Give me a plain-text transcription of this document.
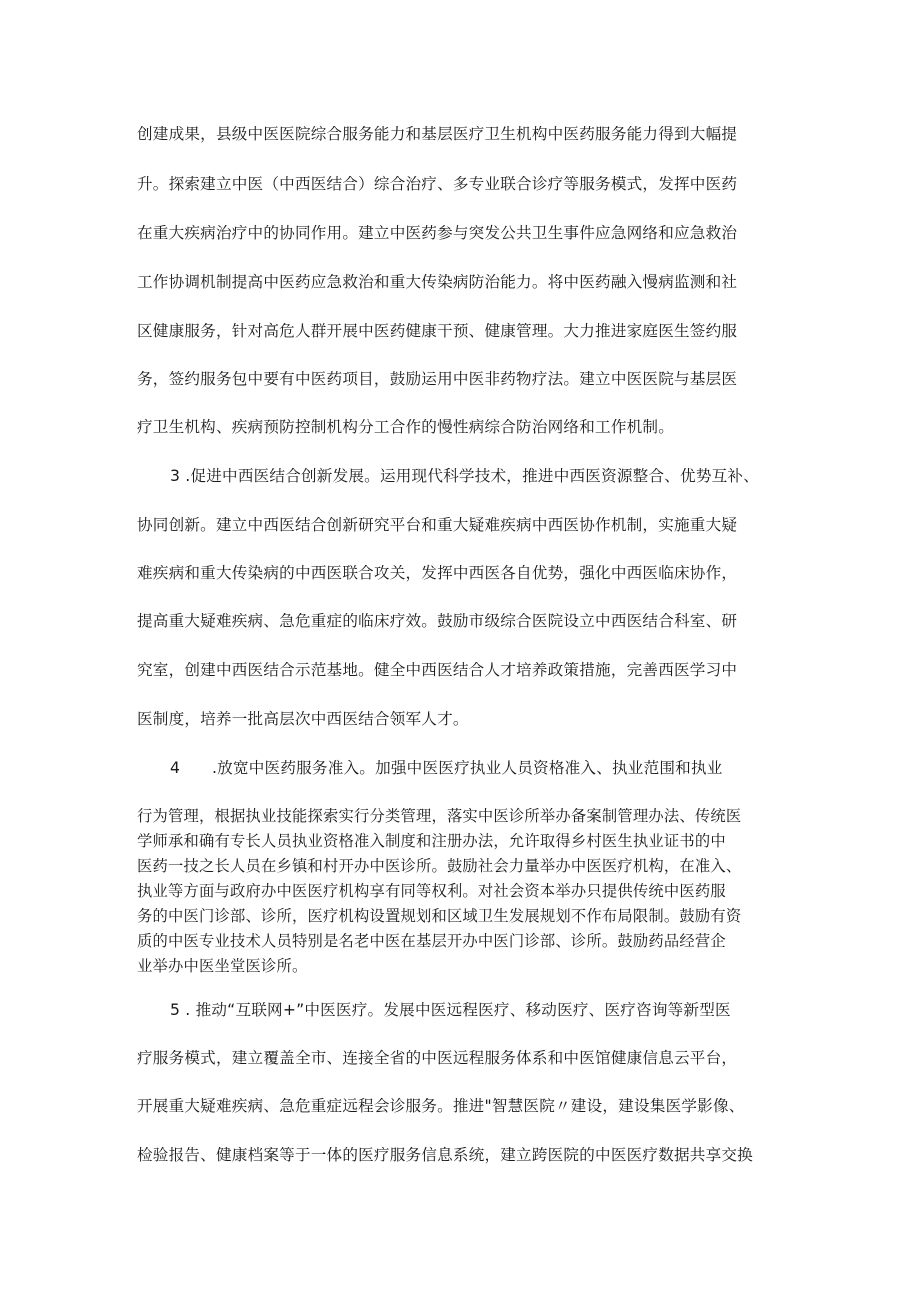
创建成果，县级中医医院综合服务能力和基层医疗卫生机构中医药服务能力得到大幅提
升。探索建立中医（中西医结合）综合治疗、多专业联合诊疗等服务模式，发挥中医药
在重大疾病治疗中的协同作用。建立中医药参与突发公共卫生事件应急网络和应急救治
工作协调机制提高中医药应急救治和重大传染病防治能力。将中医药融入慢病监测和社
区健康服务，针对高危人群开展中医药健康干预、健康管理。大力推进家庭医生签约服
务，签约服务包中要有中医药项目，鼓励运用中医非药物疗法。建立中医医院与基层医
疗卫生机构、疾病预防控制机构分工合作的慢性病综合防治网络和工作机制。
3 .促进中西医结合创新发展。运用现代科学技术，推进中西医资源整合、优势互补、
协同创新。建立中西医结合创新研究平台和重大疑难疾病中西医协作机制，实施重大疑
难疾病和重大传染病的中西医联合攻关，发挥中西医各自优势，强化中西医临床协作，
提高重大疑难疾病、急危重症的临床疗效。鼓励市级综合医院设立中西医结合科室、研
究室，创建中西医结合示范基地。健全中西医结合人才培养政策措施，完善西医学习中
医制度，培养一批高层次中西医结合领军人才。
4	.放宽中医药服务准入。加强中医医疗执业人员资格准入、执业范围和执业
行为管理，根据执业技能探索实行分类管理，落实中医诊所举办备案制管理办法、传统医
学师承和确有专长人员执业资格准入制度和注册办法，允许取得乡村医生执业证书的中
医药一技之长人员在乡镇和村开办中医诊所。鼓励社会力量举办中医医疗机构，在准入、
执业等方面与政府办中医医疗机构享有同等权利。对社会资本举办只提供传统中医药服
务的中医门诊部、诊所，医疗机构设置规划和区域卫生发展规划不作布局限制。鼓励有资
质的中医专业技术人员特别是名老中医在基层开办中医门诊部、诊所。鼓励药品经营企
业举办中医坐堂医诊所。
5 . 推动“互联网+”中医医疗。发展中医远程医疗、移动医疗、医疗咨询等新型医
疗服务模式，建立覆盖全市、连接全省的中医远程服务体系和中医馆健康信息云平台，
开展重大疑难疾病、急危重症远程会诊服务。推进"智慧医院〃建设，建设集医学影像、
检验报告、健康档案等于一体的医疗服务信息系统，建立跨医院的中医医疗数据共享交换
